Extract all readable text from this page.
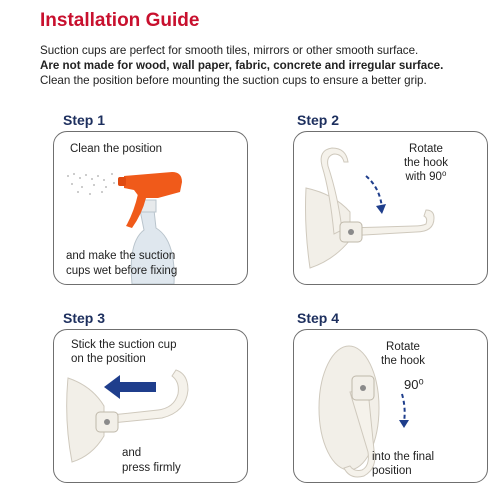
Installation Guide
Suction cups are perfect for smooth tiles, mirrors or other smooth surface.
Are not made for wood, wall paper, fabric, concrete and irregular surface.
Clean the position before mounting the suction cups to ensure a better grip.
Step 1
Clean the position
and make the suction
cups wet before fixing
Step 2
Rotate
the hook
with 90⁰
Step 3
Stick the suction cup
on the position
and
press firmly
Step 4
Rotate
the hook
90⁰
into the final
position
